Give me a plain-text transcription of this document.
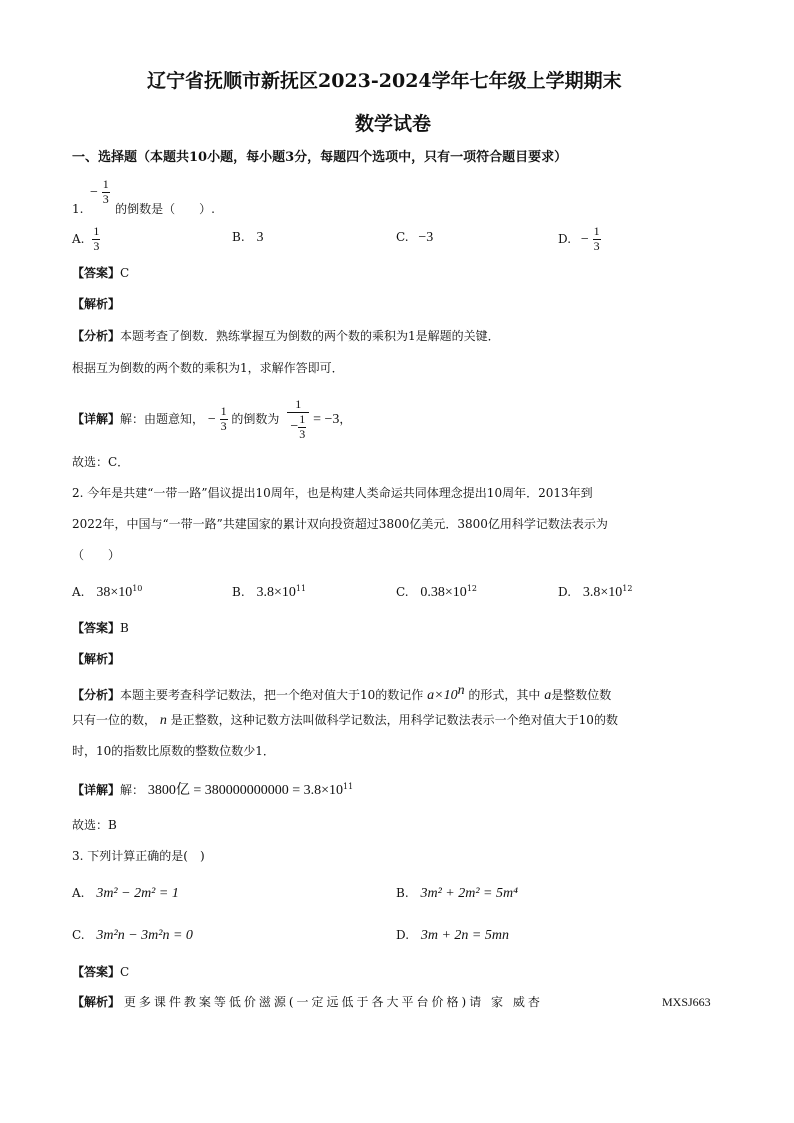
辽宁省抚顺市新抚区2023-2024学年七年级上学期期末
数学试卷
一、选择题（本题共10小题，每小题3分，每题四个选项中，只有一项符合题目要求）
− $\frac{1}{3}$
1.	的倒数是（　　）.
A. $\frac{1}{3}$	B. 3	C. −3	D. − $\frac{1}{3}$
【答案】C
【解析】
【分析】本题考查了倒数．熟练掌握互为倒数的两个数的乘积为1是解题的关键．
根据互为倒数的两个数的乘积为1，求解作答即可．
【详解】解：由题意知， − $\frac{1}{3}$ 的倒数为 $\frac{1}{- \frac{1}{3}} = -3$，
故选：C．
2. 今年是共建“一带一路”倡议提出10周年，也是构建人类命运共同体理念提出10周年．2013年到
2022年，中国与“一带一路”共建国家的累计双向投资超过3800亿美元．3800亿用科学记数法表示为
（　　）
A. $38\times 10^{10}$	B. $3.8\times 10^{11}$	C. $0.38\times 10^{12}$	D. $3.8\times 10^{12}$
【答案】B
【解析】
【分析】本题主要考查科学记数法，把一个绝对值大于10的数记作 $a\times 10^n$ 的形式，其中 a是整数位数
只有一位的数， n 是正整数，这种记数方法叫做科学记数法，用科学记数法表示一个绝对值大于10的数
时，10的指数比原数的整数位数少1．
【详解】解： 3800亿 = $380000000000 = 3.8\times 10^{11}$
故选：B
3. 下列计算正确的是(　)
A. 3m² − 2m² = 1	B. 3m² + 2m² = 5m⁴
C. 3m²n − 3m²n = 0	D. 3m + 2n = 5mn
【答案】C
【解析】 更多课件教案等低价滋源(一定远低于各大平台价格)请 家 威杏	MXSJ663
